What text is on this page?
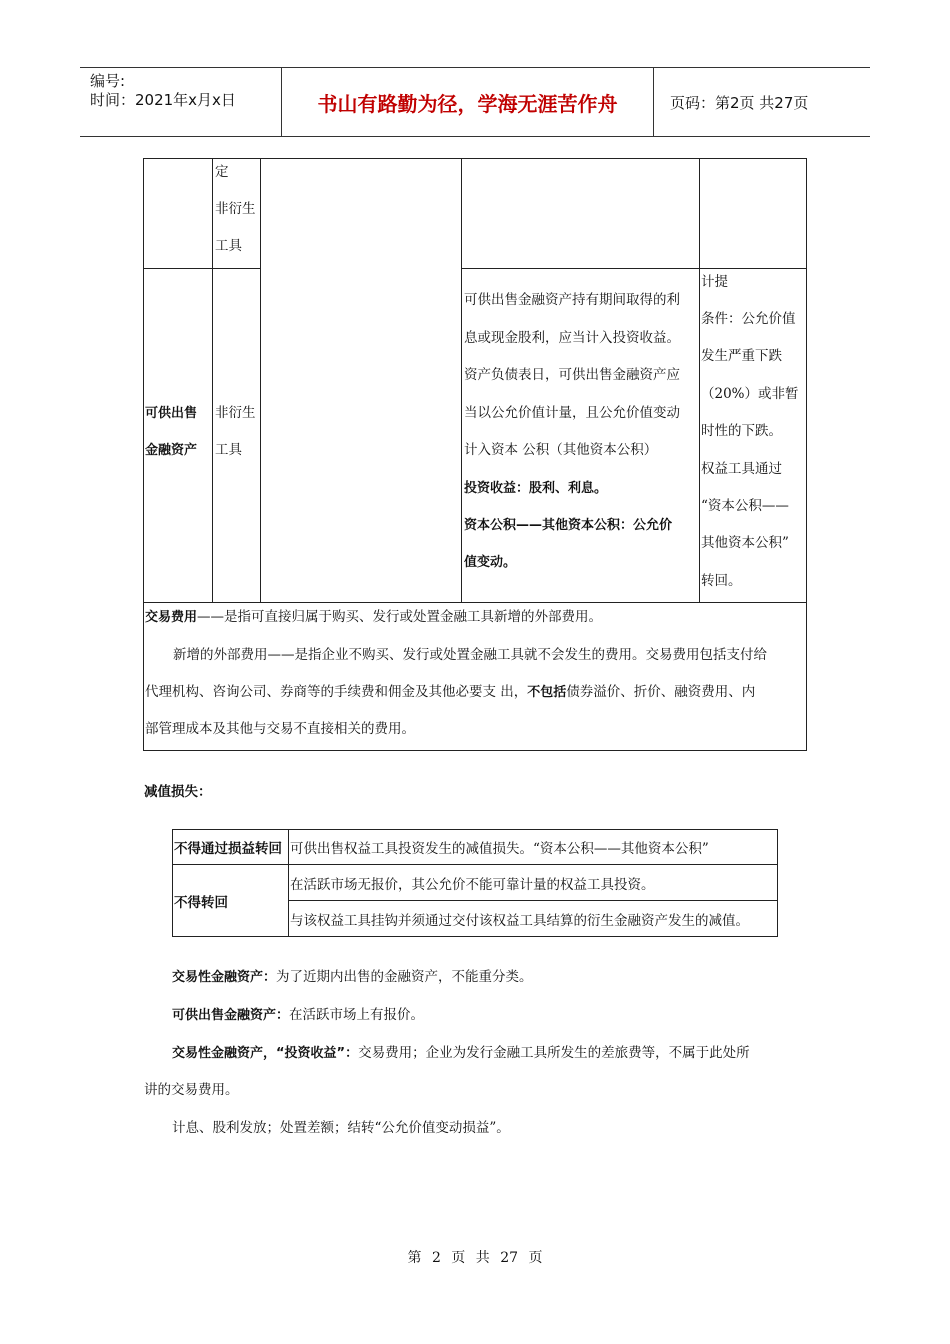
编号:
时间：2021年x月x日	书山有路勤为径，学海无涯苦作舟	页码：第2页 共27页
定
非衍生
工具
可供出售
金融资产
非衍生
工具
可供出售金融资产持有期间取得的利
息或现金股利，应当计入投资收益。
资产负债表日，可供出售金融资产应
当以公允价值计量，且公允价值变动
计入资本 公积（其他资本公积）
投资收益：股利、利息。
资本公积——其他资本公积：公允价
值变动。
计提
条件：公允价值
发生严重下跌
（20%）或非暂
时性的下跌。
权益工具通过
“资本公积——
其他资本公积”
转回。
交易费用——是指可直接归属于购买、发行或处置金融工具新增的外部费用。
新增的外部费用——是指企业不购买、发行或处置金融工具就不会发生的费用。交易费用包括支付给
代理机构、咨询公司、券商等的手续费和佣金及其他必要支 出，不包括债券溢价、折价、融资费用、内
部管理成本及其他与交易不直接相关的费用。
减值损失：
不得通过损益转回 可供出售权益工具投资发生的减值损失。“资本公积——其他资本公积”
不得转回
在活跃市场无报价，其公允价不能可靠计量的权益工具投资。
与该权益工具挂钩并须通过交付该权益工具结算的衍生金融资产发生的减值。
交易性金融资产：为了近期内出售的金融资产，不能重分类。
可供出售金融资产：在活跃市场上有报价。
交易性金融资产，“投资收益”：交易费用；企业为发行金融工具所发生的差旅费等，不属于此处所
讲的交易费用。
计息、股利发放；处置差额；结转“公允价值变动损益”。
第 2 页 共 27 页
